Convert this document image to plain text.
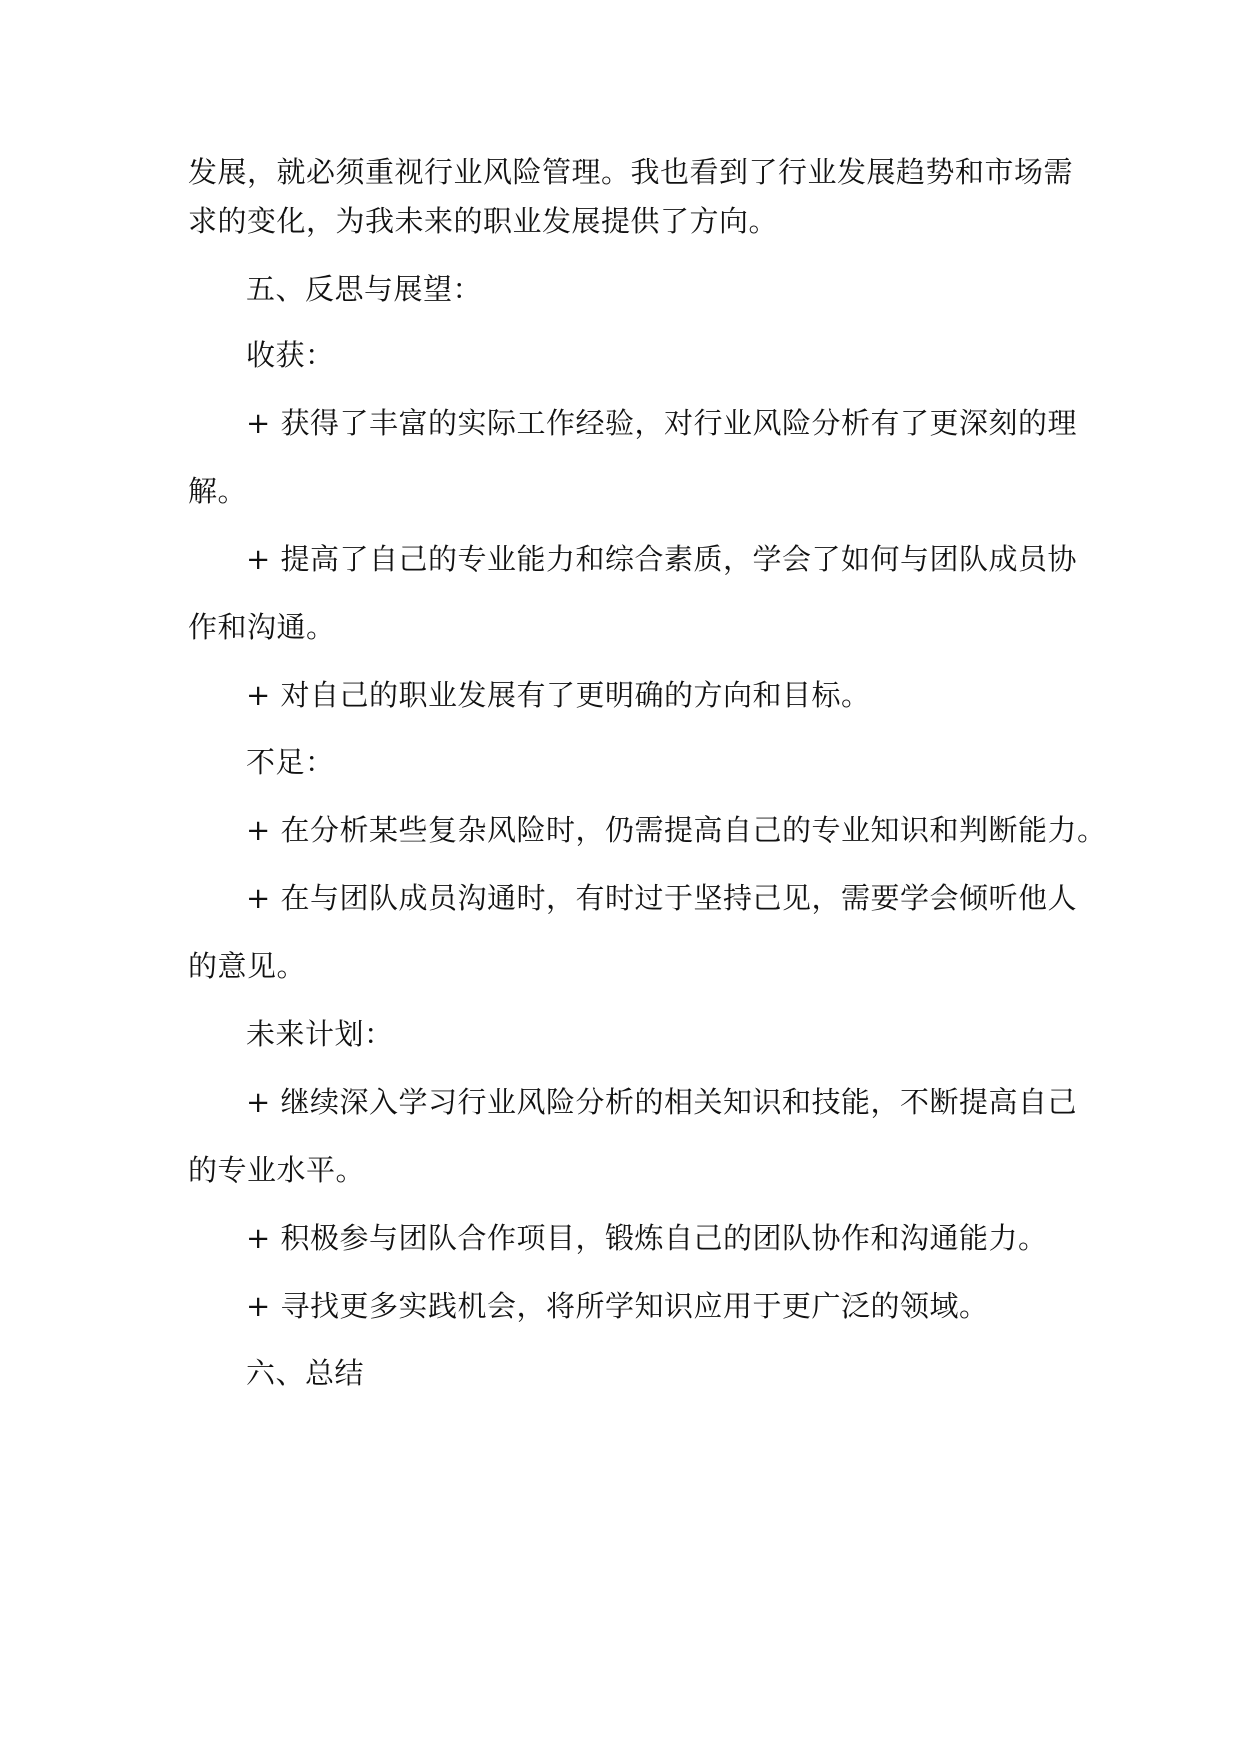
发展，就必须重视行业风险管理。我也看到了行业发展趋势和市场需
求的变化，为我未来的职业发展提供了方向。
五、反思与展望：
收获：
+ 获得了丰富的实际工作经验，对行业风险分析有了更深刻的理
解。
+ 提高了自己的专业能力和综合素质，学会了如何与团队成员协
作和沟通。
+ 对自己的职业发展有了更明确的方向和目标。
不足：
+ 在分析某些复杂风险时，仍需提高自己的专业知识和判断能力。
+ 在与团队成员沟通时，有时过于坚持己见，需要学会倾听他人
的意见。
未来计划：
+ 继续深入学习行业风险分析的相关知识和技能，不断提高自己
的专业水平。
+ 积极参与团队合作项目，锻炼自己的团队协作和沟通能力。
+ 寻找更多实践机会，将所学知识应用于更广泛的领域。
六、总结
